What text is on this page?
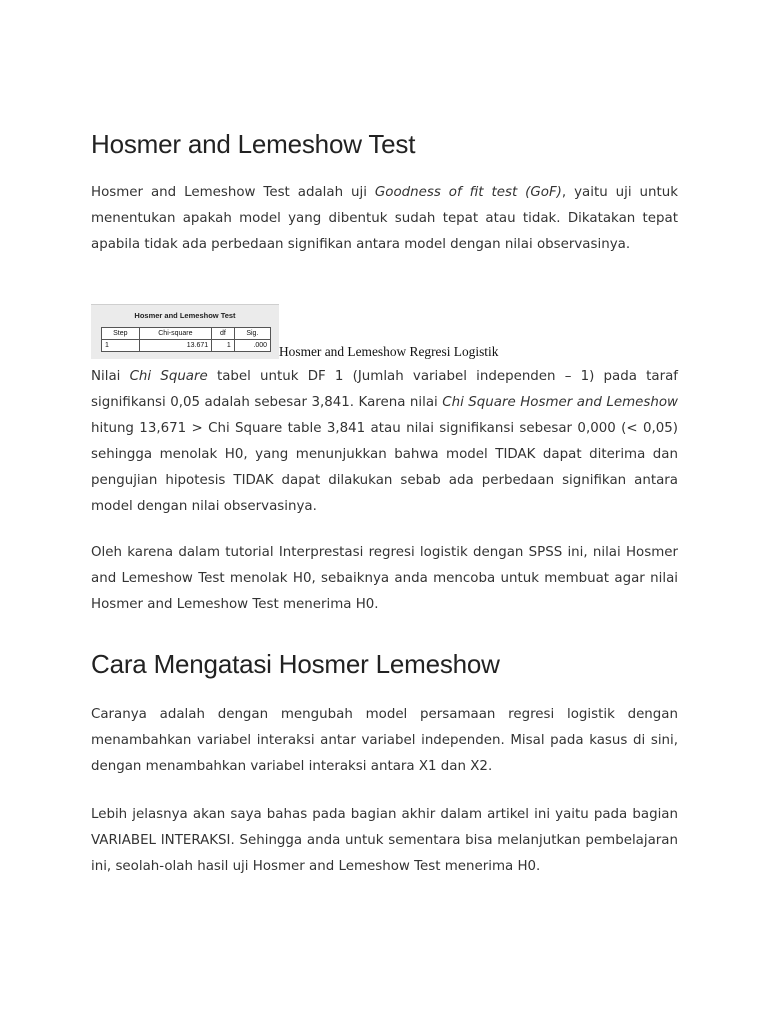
Hosmer and Lemeshow Test

Hosmer and Lemeshow Test adalah uji Goodness of fit test (GoF), yaitu uji untuk menentukan apakah model yang dibentuk sudah tepat atau tidak. Dikatakan tepat apabila tidak ada perbedaan signifikan antara model dengan nilai observasinya.

Hosmer and Lemeshow Test
Step	Chi-square	df	Sig.
1	13.671	1	.000 Hosmer and Lemeshow Regresi Logistik

Nilai Chi Square tabel untuk DF 1 (Jumlah variabel independen – 1) pada taraf signifikansi 0,05 adalah sebesar 3,841. Karena nilai Chi Square Hosmer and Lemeshow hitung 13,671 > Chi Square table 3,841 atau nilai signifikansi sebesar 0,000 (< 0,05) sehingga menolak H0, yang menunjukkan bahwa model TIDAK dapat diterima dan pengujian hipotesis TIDAK dapat dilakukan sebab ada perbedaan signifikan antara model dengan nilai observasinya.

Oleh karena dalam tutorial Interprestasi regresi logistik dengan SPSS ini, nilai Hosmer and Lemeshow Test menolak H0, sebaiknya anda mencoba untuk membuat agar nilai Hosmer and Lemeshow Test menerima H0.

Cara Mengatasi Hosmer Lemeshow

Caranya adalah dengan mengubah model persamaan regresi logistik dengan menambahkan variabel interaksi antar variabel independen. Misal pada kasus di sini, dengan menambahkan variabel interaksi antara X1 dan X2.

Lebih jelasnya akan saya bahas pada bagian akhir dalam artikel ini yaitu pada bagian VARIABEL INTERAKSI. Sehingga anda untuk sementara bisa melanjutkan pembelajaran ini, seolah-olah hasil uji Hosmer and Lemeshow Test menerima H0.
